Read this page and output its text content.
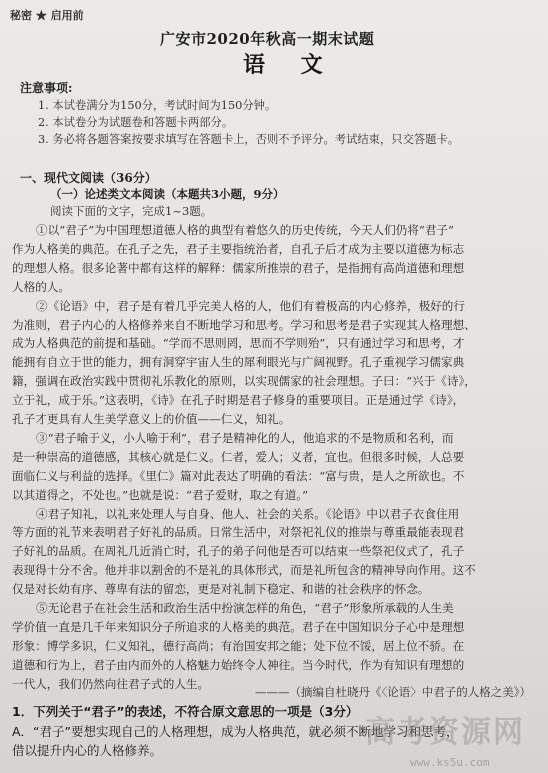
秘密 ★ 启用前
广安市2020年秋高一期末试题
语 文
注意事项:
1. 本试卷满分为150分，考试时间为150分钟。
2. 本试卷分为试题卷和答题卡两部分。
3. 务必将各题答案按要求填写在答题卡上，否则不予评分。考试结束，只交答题卡。
一、现代文阅读（36分）
（一）论述类文本阅读（本题共3小题，9分）
阅读下面的文字，完成1~3题。
①以“君子”为中国理想道德人格的典型有着悠久的历史传统，今天人们仍将“君子”
作为人格美的典范。在孔子之先，君子主要指统治者，自孔子后才成为主要以道德为标志
的理想人格。很多论著中都有这样的解释：儒家所推崇的君子，是指拥有高尚道德和理想
人格的人。
②《论语》中，君子是有着几乎完美人格的人，他们有着极高的内心修养，极好的行
为准则，君子内心的人格修养来自不断地学习和思考。学习和思考是君子实现其人格理想、
成为人格典范的前提和基础。“学而不思则罔，思而不学则殆”，只有通过学习和思考，才
能拥有自立于世的能力，拥有洞穿宇宙人生的犀利眼光与广阔视野。孔子重视学习儒家典
籍，强调在政治实践中贯彻礼乐教化的原则，以实现儒家的社会理想。子曰：“兴于《诗》，
立于礼，成于乐。”这表明，《诗》在孔子时期是君子修身的重要项目。正是通过学《诗》，
孔子才更具有人生美学意义上的价值——仁义，知礼。
③“君子喻于义，小人喻于利”，君子是精神化的人，他追求的不是物质和名利，而
是一种崇高的道德感，其核心就是仁义。仁者，爱人；义者，宜也。但很多时候，人总要
面临仁义与利益的选择。《里仁》篇对此表达了明确的看法：“富与贵，是人之所欲也。不
以其道得之，不处也。”也就是说：“君子爱财，取之有道。”
④君子知礼，以礼来处理人与自身、他人、社会的关系。《论语》中以君子衣食住用
等方面的礼节来表明君子好礼的品质。日常生活中，对祭祀礼仪的推崇与尊重最能表现君
子好礼的品质。在周礼几近消亡时，孔子的弟子问他是否可以结束一些祭祀仪式了，孔子
表现得十分不舍。他并非以割舍的不是礼的具体形式，而是礼所包含的精神导向作用。这不
仅是对长幼有序、尊卑有法的留恋，更是对礼制下稳定、和谐的社会秩序的怀念。
⑤无论君子在社会生活和政治生活中扮演怎样的角色，“君子”形象所承载的人生美
学价值一直是几千年来知识分子所追求的人格美的典范。君子在中国知识分子心中是理想
形象：博学多识，仁义知礼，德行高尚；有治国安邦之能；处下位不馁，居上位不骄。在
道德和行为上，君子由内而外的人格魅力始终令人神往。当今时代，作为有知识有理想的
一代人，我们仍然向往君子式的人生。
———（摘编自杜晓丹《〈论语〉中君子的人格之美》）
1．下列关于“君子”的表述，不符合原文意思的一项是（3分）
A．“君子”要想实现自己的人格理想，成为人格典范，就必须不断地学习和思考，
借以提升内心的人格修养。
高考资源网
www.ks5u.com
